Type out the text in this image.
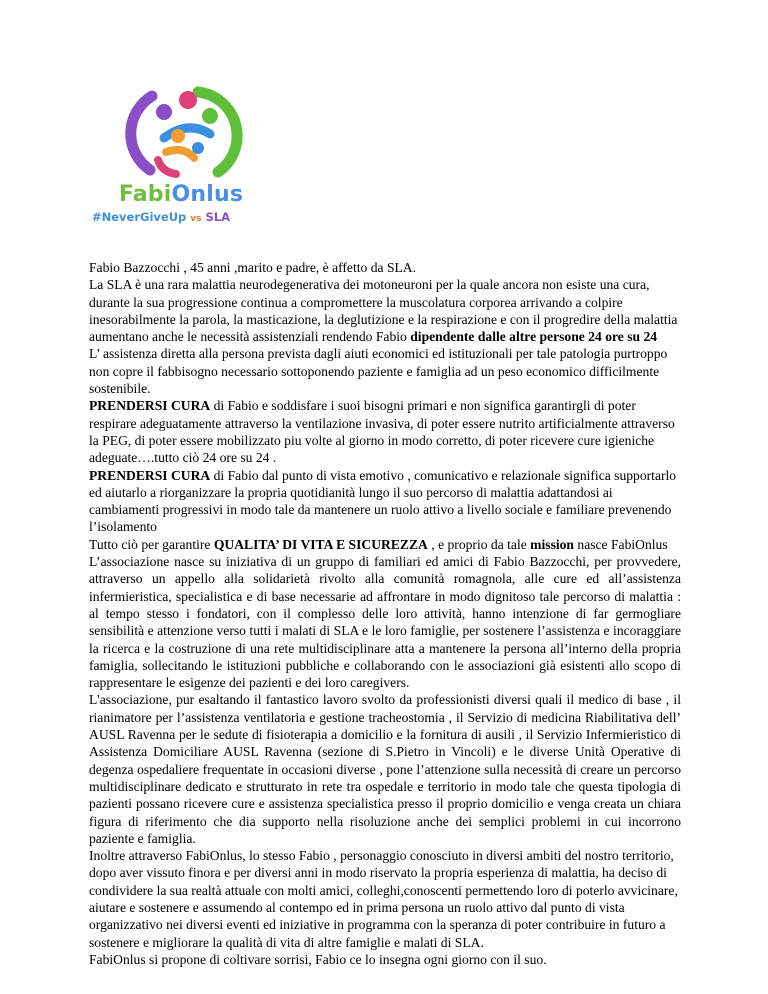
FabiOnlus
#NeverGiveUp vs SLA

Fabio Bazzocchi , 45 anni ,marito e padre, è affetto da SLA.

La SLA è una rara malattia neurodegenerativa dei motoneuroni per la quale ancora non esiste una cura, durante la sua progressione continua a compromettere la muscolatura corporea arrivando a colpire inesorabilmente la parola, la masticazione, la deglutizione e la respirazione e con il progredire della malattia aumentano anche le necessità assistenziali rendendo Fabio dipendente dalle altre persone 24 ore su 24

L’ assistenza diretta alla persona prevista dagli aiuti economici ed istituzionali per tale patologia purtroppo non copre il fabbisogno necessario sottoponendo paziente e famiglia ad un peso economico difficilmente sostenibile.

PRENDERSI CURA di Fabio e soddisfare i suoi bisogni primari e non significa garantirgli di poter respirare adeguatamente attraverso la ventilazione invasiva, di poter essere nutrito artificialmente attraverso la PEG, di poter essere mobilizzato piu volte al giorno in modo corretto, di poter ricevere cure igieniche adeguate….tutto ciò 24 ore su 24 .

PRENDERSI CURA di Fabio dal punto di vista emotivo , comunicativo e relazionale significa supportarlo ed aiutarlo a riorganizzare la propria quotidianità lungo il suo percorso di malattia adattandosi ai cambiamenti progressivi in modo tale da mantenere un ruolo attivo a livello sociale e familiare prevenendo l’isolamento

Tutto ciò per garantire QUALITA’ DI VITA E SICUREZZA , e proprio da tale mission nasce FabiOnlus

L’associazione nasce su iniziativa di un gruppo di familiari ed amici di Fabio Bazzocchi, per provvedere, attraverso un appello alla solidarietà rivolto alla comunità romagnola, alle cure ed all’assistenza infermieristica, specialistica e di base necessarie ad affrontare in modo dignitoso tale percorso di malattia : al tempo stesso i fondatori, con il complesso delle loro attività, hanno intenzione di far germogliare sensibilità e attenzione verso tutti i malati di SLA e le loro famiglie, per sostenere l’assistenza e incoraggiare la ricerca e la costruzione di una rete multidisciplinare atta a mantenere la persona all’interno della propria famiglia, sollecitando le istituzioni pubbliche e collaborando con le associazioni già esistenti allo scopo di rappresentare le esigenze dei pazienti e dei loro caregivers.

L'associazione, pur esaltando il fantastico lavoro svolto da professionisti diversi quali il medico di base , il rianimatore per l’assistenza ventilatoria e gestione tracheostomia , il Servizio di medicina Riabilitativa dell’ AUSL Ravenna per le sedute di fisioterapia a domicilio e la fornitura di ausili , il Servizio Infermieristico di Assistenza Domiciliare AUSL Ravenna (sezione di S.Pietro in Vincoli) e le diverse Unità Operative di degenza ospedaliere frequentate in occasioni diverse , pone l’attenzione sulla necessità di creare un percorso multidisciplinare dedicato e strutturato in rete tra ospedale e territorio in modo tale che questa tipologia di pazienti possano ricevere cure e assistenza specialistica presso il proprio domicilio e venga creata un chiara figura di riferimento che dia supporto nella risoluzione anche dei semplici problemi in cui incorrono paziente e famiglia.

Inoltre attraverso FabiOnlus, lo stesso Fabio , personaggio conosciuto in diversi ambiti del nostro territorio, dopo aver vissuto finora e per diversi anni in modo riservato la propria esperienza di malattia, ha deciso di condividere la sua realtà attuale con molti amici, colleghi,conoscenti permettendo loro di poterlo avvicinare, aiutare e sostenere e assumendo al contempo ed in prima persona un ruolo attivo dal punto di vista organizzativo nei diversi eventi ed iniziative in programma con la speranza di poter contribuire in futuro a sostenere e migliorare la qualità di vita di altre famiglie e malati di SLA.

FabiOnlus si propone di coltivare sorrisi, Fabio ce lo insegna ogni giorno con il suo.
